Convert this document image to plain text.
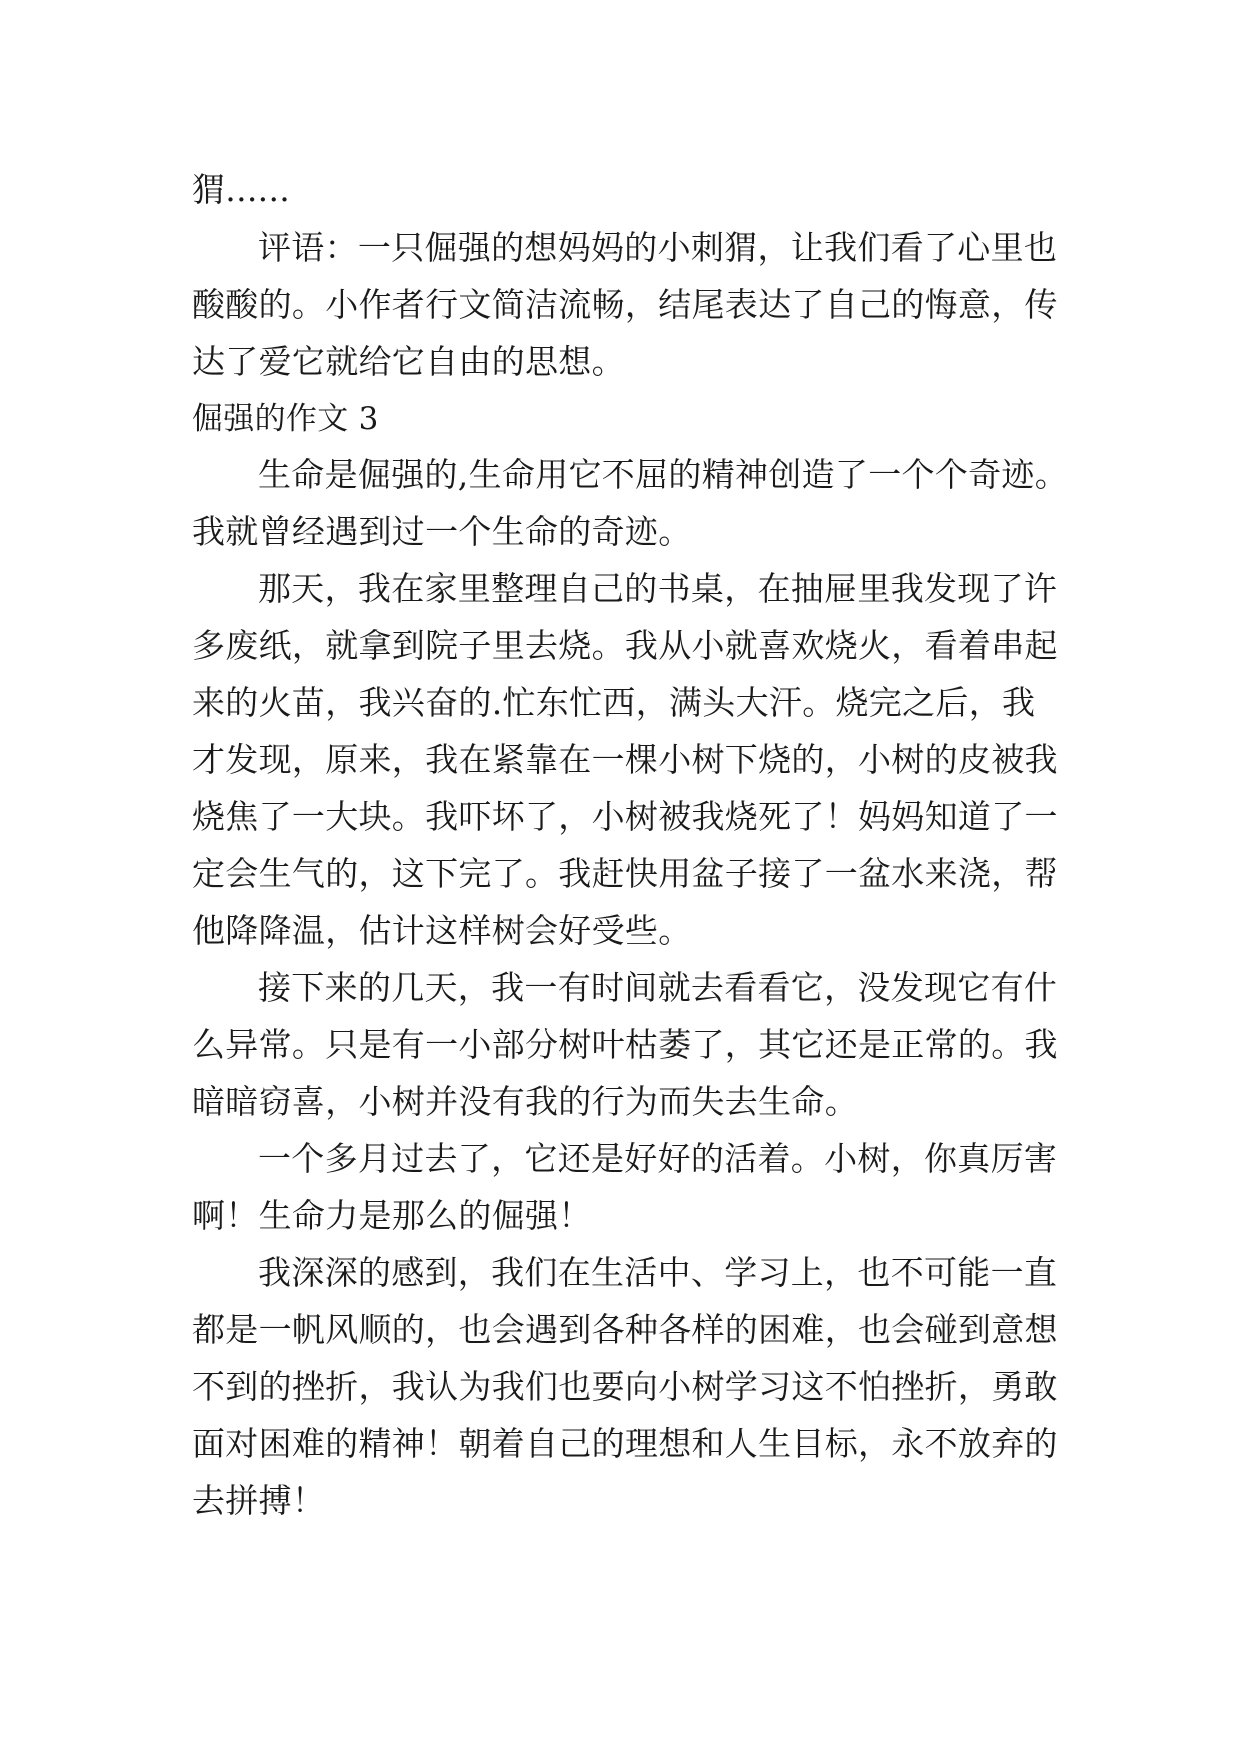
猬......
评语：一只倔强的想妈妈的小刺猬，让我们看了心里也
酸酸的。小作者行文简洁流畅，结尾表达了自己的悔意，传
达了爱它就给它自由的思想。
倔强的作文 3
生命是倔强的,生命用它不屈的精神创造了一个个奇迹。
我就曾经遇到过一个生命的奇迹。
那天，我在家里整理自己的书桌，在抽屉里我发现了许
多废纸，就拿到院子里去烧。我从小就喜欢烧火，看着串起
来的火苗，我兴奋的.忙东忙西，满头大汗。烧完之后，我
才发现，原来，我在紧靠在一棵小树下烧的，小树的皮被我
烧焦了一大块。我吓坏了，小树被我烧死了！妈妈知道了一
定会生气的，这下完了。我赶快用盆子接了一盆水来浇，帮
他降降温，估计这样树会好受些。
接下来的几天，我一有时间就去看看它，没发现它有什
么异常。只是有一小部分树叶枯萎了，其它还是正常的。我
暗暗窃喜，小树并没有我的行为而失去生命。
一个多月过去了，它还是好好的活着。小树，你真厉害
啊！生命力是那么的倔强！
我深深的感到，我们在生活中、学习上，也不可能一直
都是一帆风顺的，也会遇到各种各样的困难，也会碰到意想
不到的挫折，我认为我们也要向小树学习这不怕挫折，勇敢
面对困难的精神！朝着自己的理想和人生目标，永不放弃的
去拼搏！
